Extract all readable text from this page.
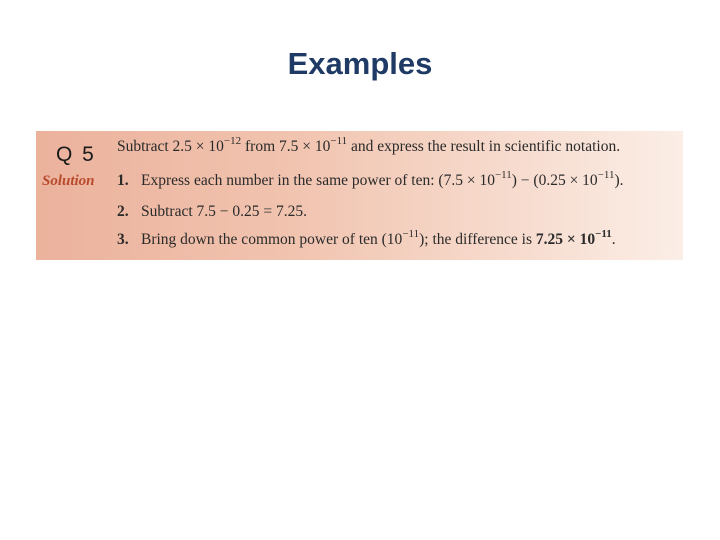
Examples
Q 5
Solution
Subtract $2.5 \times 10^{-12}$ from $7.5 \times 10^{-11}$ and express the result in scientific notation.
1. Express each number in the same power of ten: $(7.5 \times 10^{-11}) - (0.25 \times 10^{-11})$.
2. Subtract 7.5 − 0.25 = 7.25.
3. Bring down the common power of ten $(10^{-11})$; the difference is $7.25 \times 10^{-11}$.
